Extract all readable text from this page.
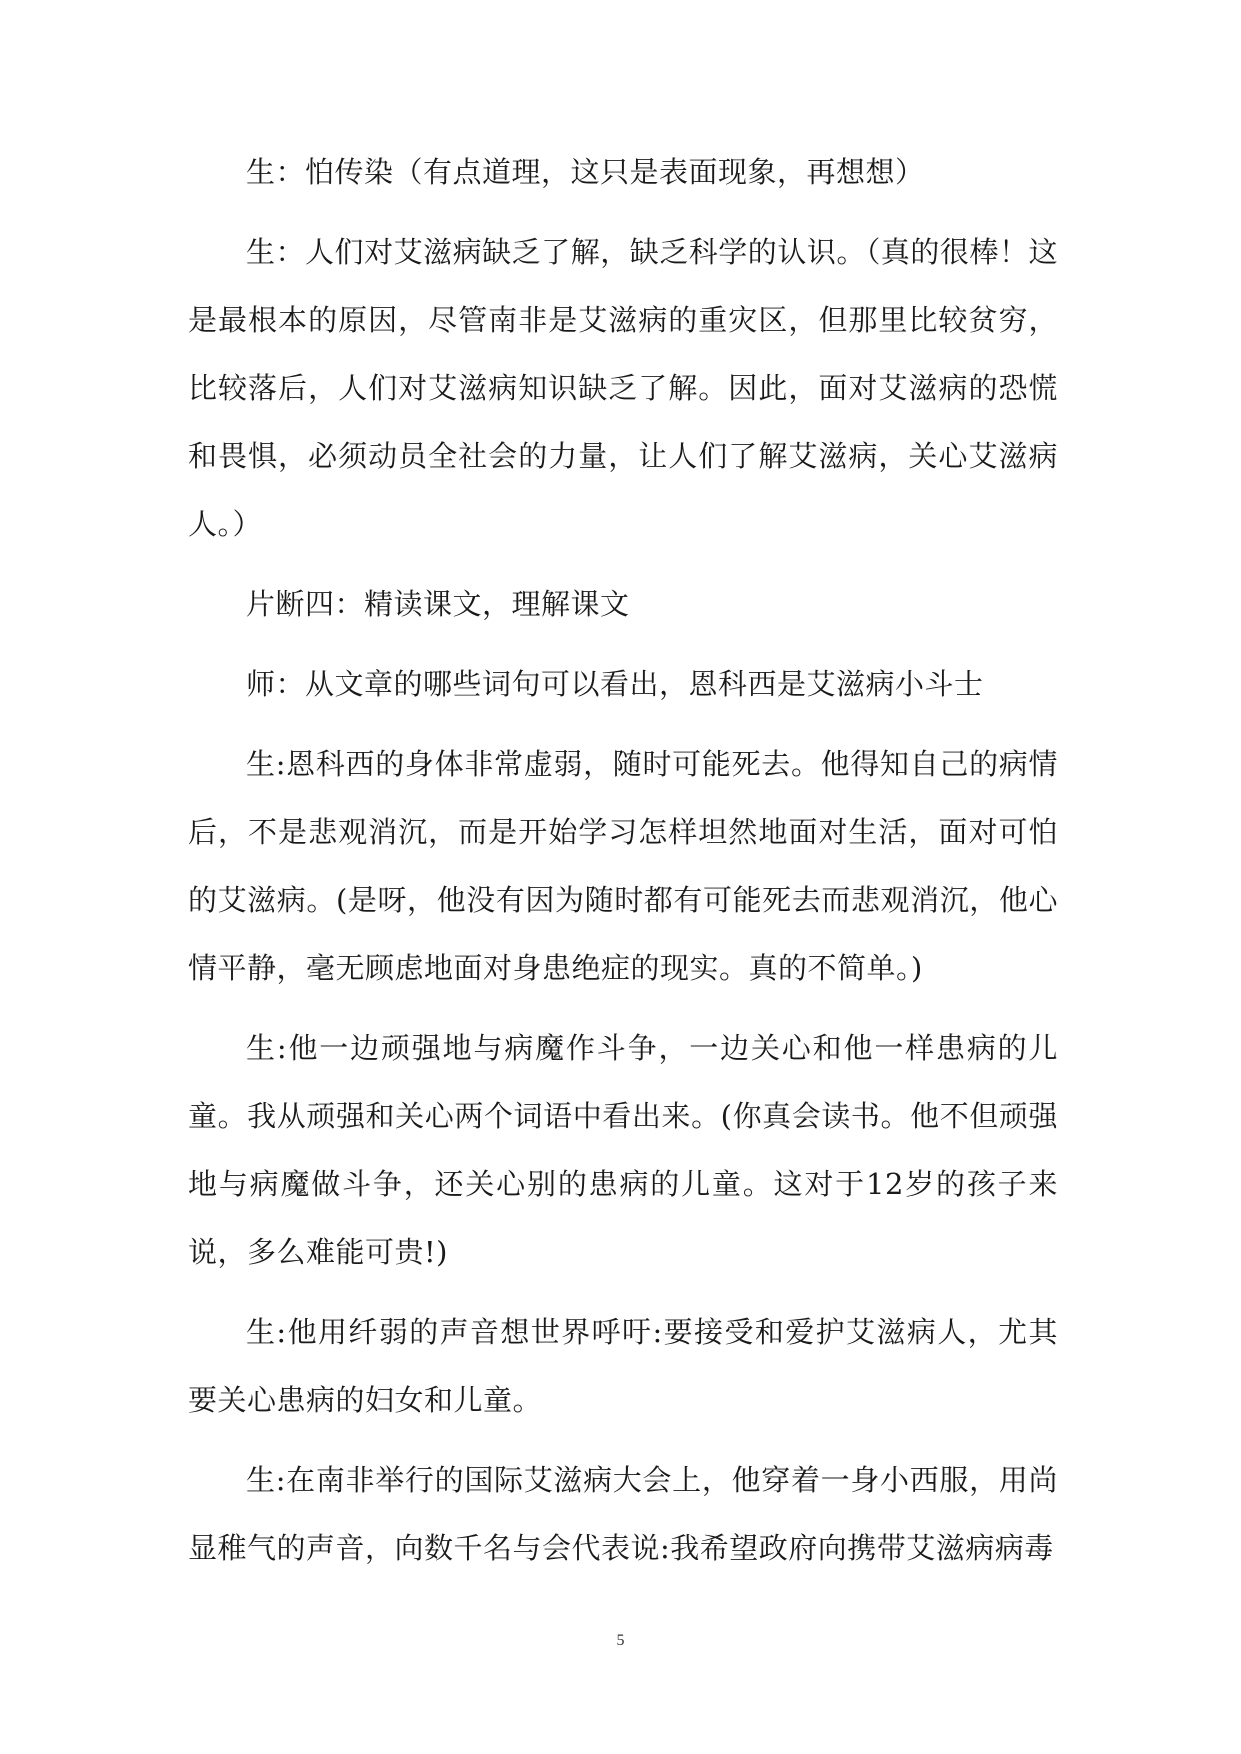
生：怕传染（有点道理，这只是表面现象，再想想）

生：人们对艾滋病缺乏了解，缺乏科学的认识。（真的很棒！这是最根本的原因，尽管南非是艾滋病的重灾区，但那里比较贫穷，比较落后，人们对艾滋病知识缺乏了解。因此，面对艾滋病的恐慌和畏惧，必须动员全社会的力量，让人们了解艾滋病，关心艾滋病人。）

片断四：精读课文，理解课文

师：从文章的哪些词句可以看出，恩科西是艾滋病小斗士

生:恩科西的身体非常虚弱，随时可能死去。他得知自己的病情后，不是悲观消沉，而是开始学习怎样坦然地面对生活，面对可怕的艾滋病。(是呀，他没有因为随时都有可能死去而悲观消沉，他心情平静，毫无顾虑地面对身患绝症的现实。真的不简单。)

生:他一边顽强地与病魔作斗争，一边关心和他一样患病的儿童。我从顽强和关心两个词语中看出来。(你真会读书。他不但顽强地与病魔做斗争，还关心别的患病的儿童。这对于12岁的孩子来说，多么难能可贵!)

生:他用纤弱的声音想世界呼吁:要接受和爱护艾滋病人，尤其要关心患病的妇女和儿童。

生:在南非举行的国际艾滋病大会上，他穿着一身小西服，用尚显稚气的声音，向数千名与会代表说:我希望政府向携带艾滋病病毒

5
